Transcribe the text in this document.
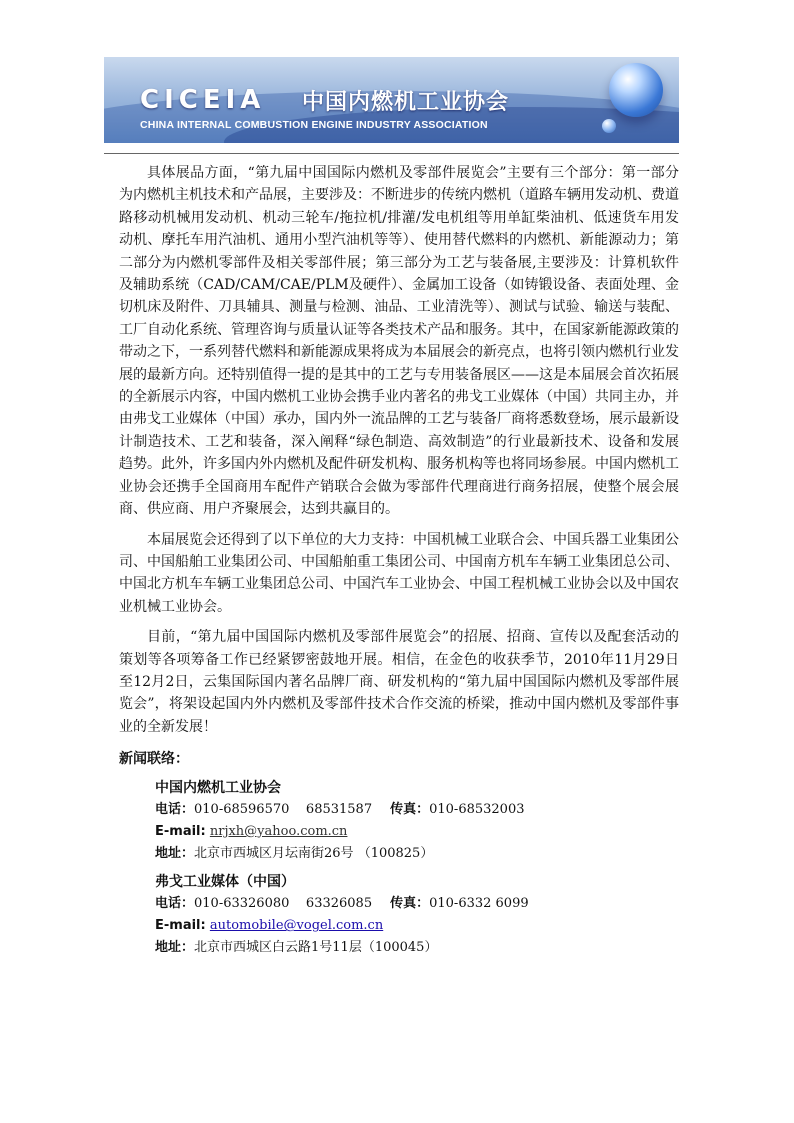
CICEIA 中国内燃机工业协会
CHINA INTERNAL COMBUSTION ENGINE INDUSTRY ASSOCIATION

具体展品方面，“第九届中国国际内燃机及零部件展览会”主要有三个部分：第一部分为内燃机主机技术和产品展，主要涉及：不断进步的传统内燃机（道路车辆用发动机、费道路移动机械用发动机、机动三轮车/拖拉机/排灌/发电机组等用单缸柴油机、低速货车用发动机、摩托车用汽油机、通用小型汽油机等等）、使用替代燃料的内燃机、新能源动力；第二部分为内燃机零部件及相关零部件展；第三部分为工艺与装备展,主要涉及：计算机软件及辅助系统（CAD/CAM/CAE/PLM及硬件）、金属加工设备（如铸锻设备、表面处理、金切机床及附件、刀具辅具、测量与检测、油品、工业清洗等）、测试与试验、输送与装配、工厂自动化系统、管理咨询与质量认证等各类技术产品和服务。其中，在国家新能源政策的带动之下，一系列替代燃料和新能源成果将成为本届展会的新亮点，也将引领内燃机行业发展的最新方向。还特别值得一提的是其中的工艺与专用装备展区——这是本届展会首次拓展的全新展示内容，中国内燃机工业协会携手业内著名的弗戈工业媒体（中国）共同主办，并由弗戈工业媒体（中国）承办，国内外一流品牌的工艺与装备厂商将悉数登场，展示最新设计制造技术、工艺和装备，深入阐释“绿色制造、高效制造”的行业最新技术、设备和发展趋势。此外，许多国内外内燃机及配件研发机构、服务机构等也将同场参展。中国内燃机工业协会还携手全国商用车配件产销联合会做为零部件代理商进行商务招展，使整个展会展商、供应商、用户齐聚展会，达到共赢目的。

本届展览会还得到了以下单位的大力支持：中国机械工业联合会、中国兵器工业集团公司、中国船舶工业集团公司、中国船舶重工集团公司、中国南方机车车辆工业集团总公司、中国北方机车车辆工业集团总公司、中国汽车工业协会、中国工程机械工业协会以及中国农业机械工业协会。

目前，“第九届中国国际内燃机及零部件展览会”的招展、招商、宣传以及配套活动的策划等各项筹备工作已经紧锣密鼓地开展。相信，在金色的收获季节，2010年11月29日至12月2日，云集国际国内著名品牌厂商、研发机构的“第九届中国国际内燃机及零部件展览会”，将架设起国内外内燃机及零部件技术合作交流的桥梁，推动中国内燃机及零部件事业的全新发展！

新闻联络：
中国内燃机工业协会
电话：010-68596570    68531587 传真：010-68532003
E-mail: nrjxh@yahoo.com.cn
地址：北京市西城区月坛南街26号 （100825）
弗戈工业媒体（中国）
电话：010-63326080    63326085 传真：010-6332 6099
E-mail: automobile@vogel.com.cn
地址：北京市西城区白云路1号11层（100045）
